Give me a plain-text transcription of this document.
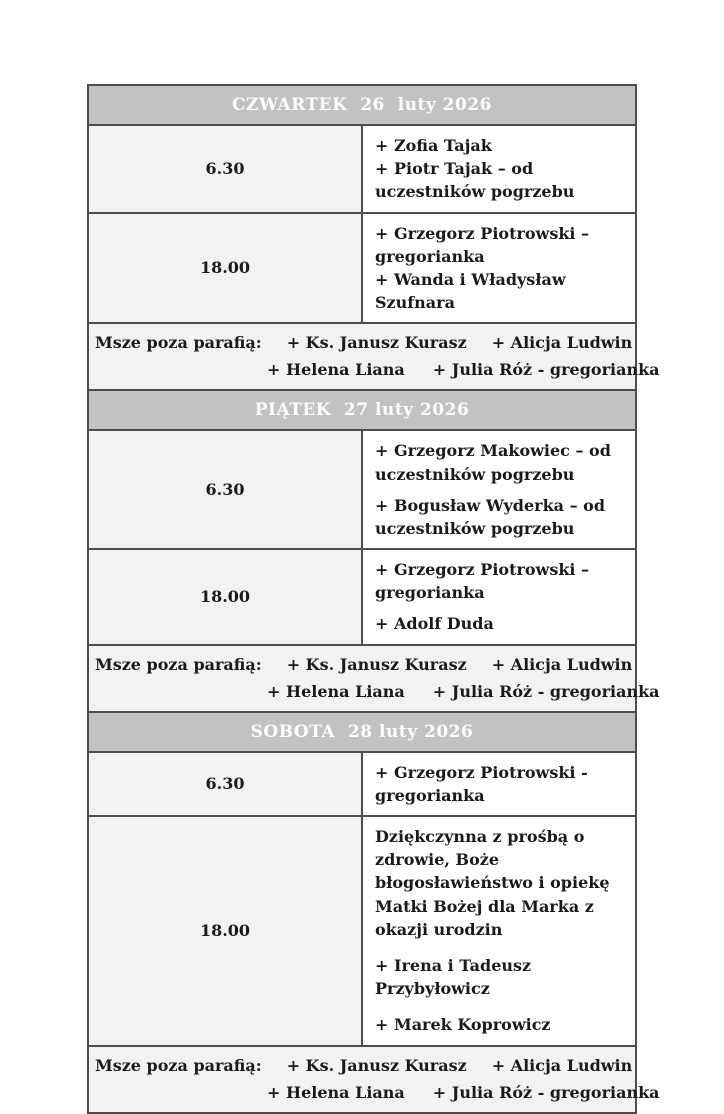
CZWARTEK  26  luty 2026	
6.30	+ Zofia Tajak
+ Piotr Tajak – od uczestników pogrzebu

18.00	+ Grzegorz Piotrowski – gregorianka
+ Wanda i Władysław Szufnara

Msze poza parafią: + Ks. Janusz Kurasz + Alicja Ludwin
+ Helena Liana + Julia Róż - gregorianka	

PIĄTEK  27 luty 2026	
6.30	+ Grzegorz Makowiec – od uczestników pogrzebu
+ Bogusław Wyderka – od uczestników pogrzebu

18.00	+ Grzegorz Piotrowski – gregorianka
+ Adolf Duda

Msze poza parafią: + Ks. Janusz Kurasz + Alicja Ludwin
+ Helena Liana + Julia Róż - gregorianka	

SOBOTA  28 luty 2026	
6.30	+ Grzegorz Piotrowski - gregorianka

18.00	Dziękczynna z prośbą o zdrowie, Boże błogosławieństwo i opiekę Matki Bożej dla Marka z okazji urodzin
+ Irena i Tadeusz Przybyłowicz
+ Marek Koprowicz

Msze poza parafią: + Ks. Janusz Kurasz + Alicja Ludwin
+ Helena Liana + Julia Róż - gregorianka	
